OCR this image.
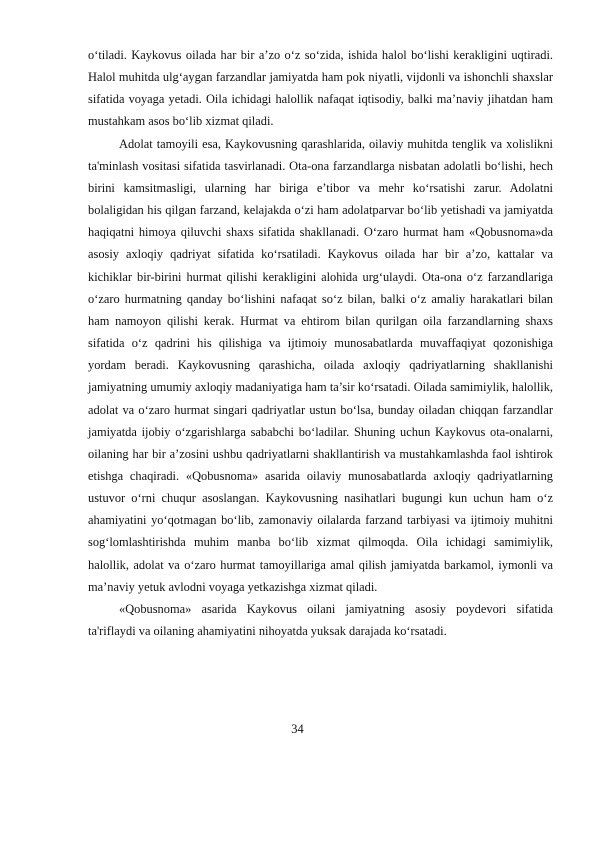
o‘tiladi. Kaykovus oilada har bir a’zo o‘z so‘zida, ishida halol bo‘lishi kerakligini uqtiradi. Halol muhitda ulg‘aygan farzandlar jamiyatda ham pok niyatli, vijdonli va ishonchli shaxslar sifatida voyaga yetadi. Oila ichidagi halollik nafaqat iqtisodiy, balki ma’naviy jihatdan ham mustahkam asos bo‘lib xizmat qiladi.

Adolat tamoyili esa, Kaykovusning qarashlarida, oilaviy muhitda tenglik va xolislikni ta'minlash vositasi sifatida tasvirlanadi. Ota-ona farzandlarga nisbatan adolatli bo‘lishi, hech birini kamsitmasligi, ularning har biriga e’tibor va mehr ko‘rsatishi zarur. Adolatni bolaligidan his qilgan farzand, kelajakda o‘zi ham adolatparvar bo‘lib yetishadi va jamiyatda haqiqatni himoya qiluvchi shaxs sifatida shakllanadi. O‘zaro hurmat ham «Qobusnoma»da asosiy axloqiy qadriyat sifatida ko‘rsatiladi. Kaykovus oilada har bir a’zo, kattalar va kichiklar bir-birini hurmat qilishi kerakligini alohida urg‘ulaydi. Ota-ona o‘z farzandlariga o‘zaro hurmatning qanday bo‘lishini nafaqat so‘z bilan, balki o‘z amaliy harakatlari bilan ham namoyon qilishi kerak. Hurmat va ehtirom bilan qurilgan oila farzandlarning shaxs sifatida o‘z qadrini his qilishiga va ijtimoiy munosabatlarda muvaffaqiyat qozonishiga yordam beradi. Kaykovusning qarashicha, oilada axloqiy qadriyatlarning shakllanishi jamiyatning umumiy axloqiy madaniyatiga ham ta’sir ko‘rsatadi. Oilada samimiylik, halollik, adolat va o‘zaro hurmat singari qadriyatlar ustun bo‘lsa, bunday oiladan chiqqan farzandlar jamiyatda ijobiy o‘zgarishlarga sababchi bo‘ladilar. Shuning uchun Kaykovus ota-onalarni, oilaning har bir a’zosini ushbu qadriyatlarni shakllantirish va mustahkamlashda faol ishtirok etishga chaqiradi. «Qobusnoma» asarida oilaviy munosabatlarda axloqiy qadriyatlarning ustuvor o‘rni chuqur asoslangan. Kaykovusning nasihatlari bugungi kun uchun ham o‘z ahamiyatini yo‘qotmagan bo‘lib, zamonaviy oilalarda farzand tarbiyasi va ijtimoiy muhitni sog‘lomlashtirishda muhim manba bo‘lib xizmat qilmoqda. Oila ichidagi samimiylik, halollik, adolat va o‘zaro hurmat tamoyillariga amal qilish jamiyatda barkamol, iymonli va ma’naviy yetuk avlodni voyaga yetkazishga xizmat qiladi.

«Qobusnoma» asarida Kaykovus oilani jamiyatning asosiy poydevori sifatida ta'riflaydi va oilaning ahamiyatini nihoyatda yuksak darajada ko‘rsatadi.

34
